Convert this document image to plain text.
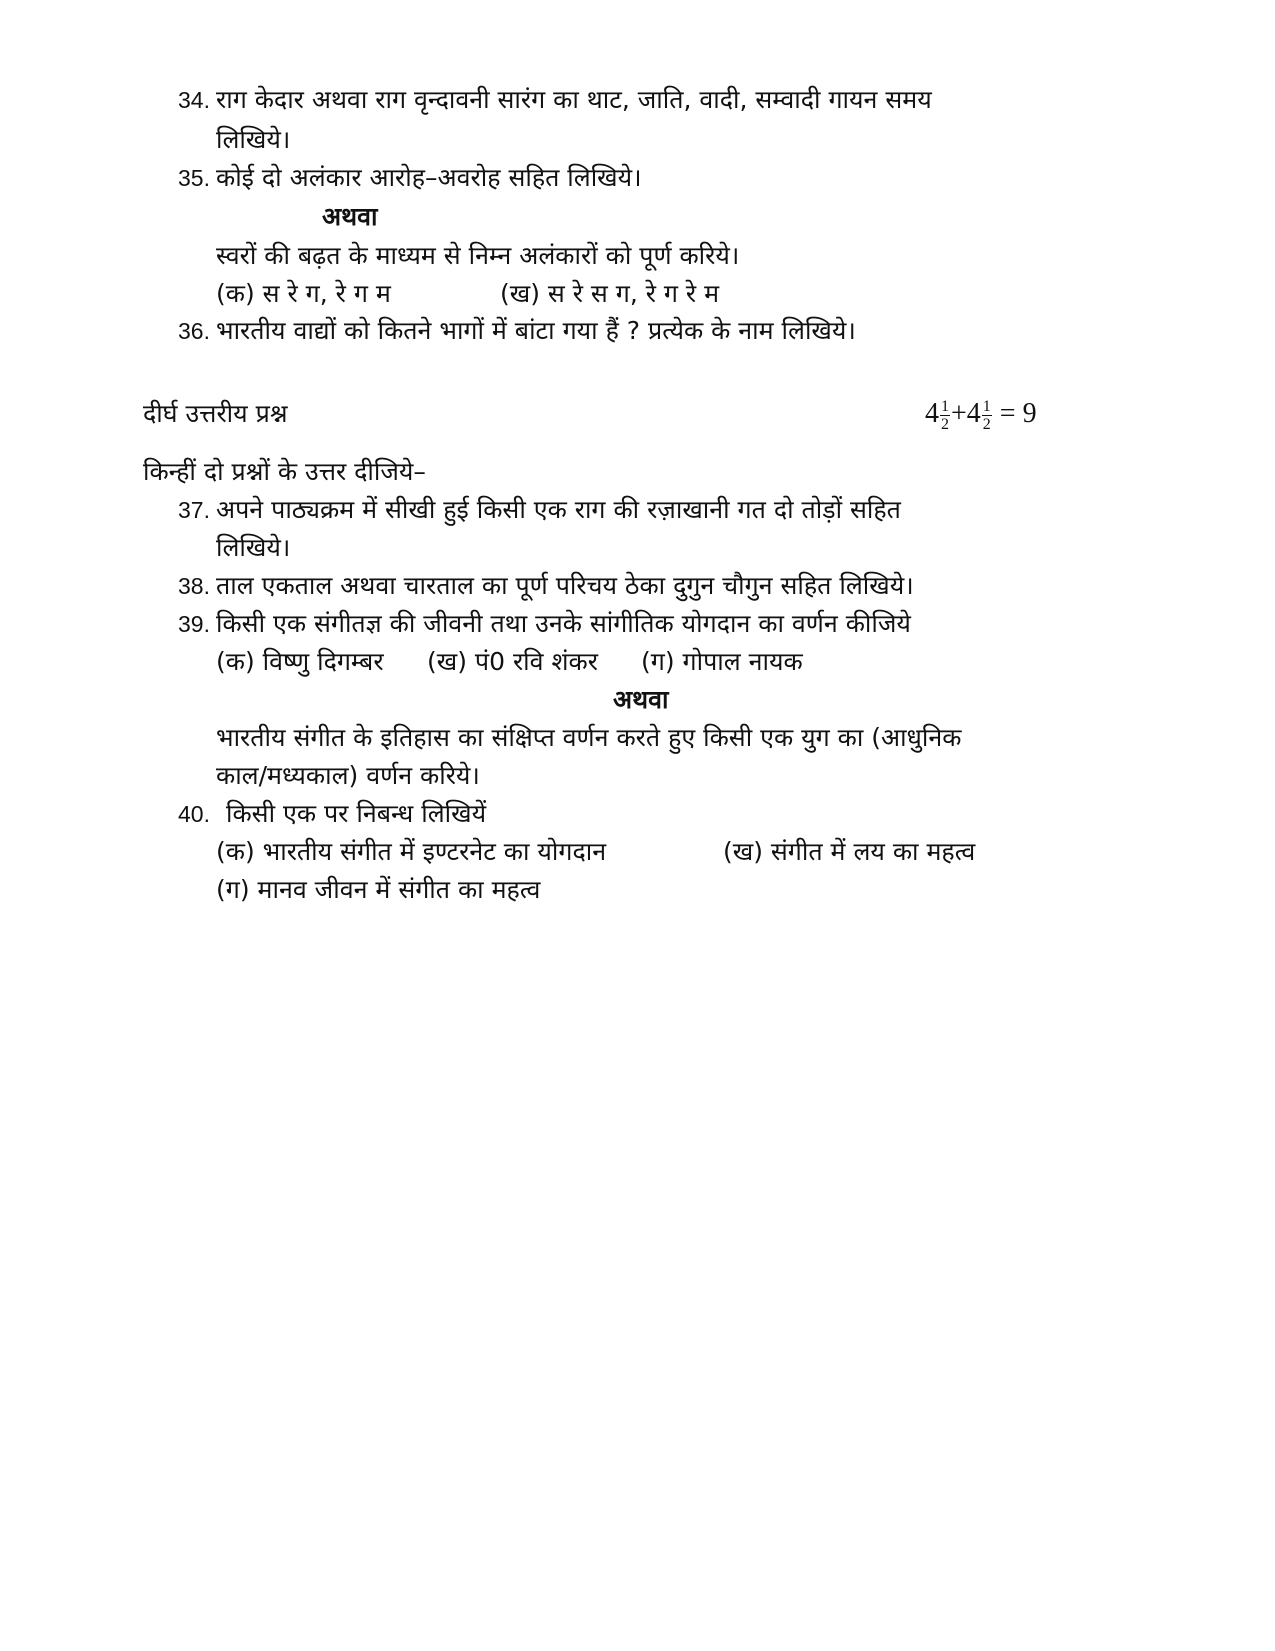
34. राग केदार अथवा राग वृन्दावनी सारंग का थाट, जाति, वादी, सम्वादी गायन समय
लिखिये।
35. कोई दो अलंकार आरोह–अवरोह सहित लिखिये।
अथवा
स्वरों की बढ़त के माध्यम से निम्न अलंकारों को पूर्ण करिये।
(क) स रे ग, रे ग म	(ख) स रे स ग, रे ग रे म
36. भारतीय वाद्यों को कितने भागों में बांटा गया हैं ? प्रत्येक के नाम लिखिये।
दीर्घ उत्तरीय प्रश्न	$4 \frac{1}{2} +4 \frac{1}{2} = 9$
किन्हीं दो प्रश्नों के उत्तर दीजिये–
37. अपने पाठ्यक्रम में सीखी हुई किसी एक राग की रज़ाखानी गत दो तोड़ों सहित
लिखिये।
38. ताल एकताल अथवा चारताल का पूर्ण परिचय ठेका दुगुन चौगुन सहित लिखिये।
39. किसी एक संगीतज्ञ की जीवनी तथा उनके सांगीतिक योगदान का वर्णन कीजिये
(क) विष्णु दिगम्बर (ख) पं0 रवि शंकर (ग) गोपाल नायक
अथवा
भारतीय संगीत के इतिहास का संक्षिप्त वर्णन करते हुए किसी एक युग का (आधुनिक
काल/मध्यकाल) वर्णन करिये।
40. किसी एक पर निबन्ध लिखियें
(क) भारतीय संगीत में इण्टरनेट का योगदान	(ख) संगीत में लय का महत्व
(ग) मानव जीवन में संगीत का महत्व
